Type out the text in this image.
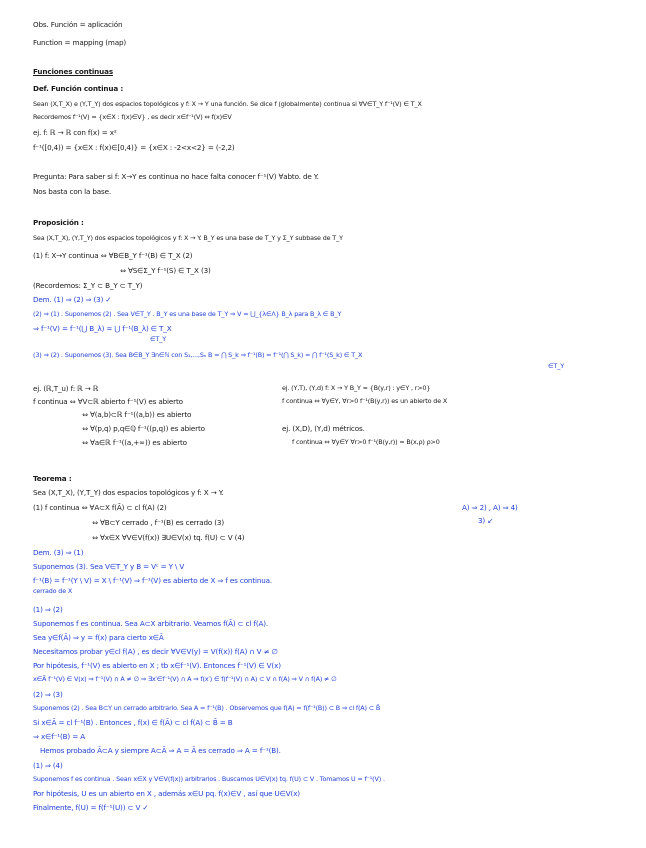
Obs. Función = aplicación
Function = mapping (map)
Funciones continuas
Def. Función continua :
Sean (X,T_X) e (Y,T_Y) dos espacios topológicos y f: X → Y una función. Se dice f (globalmente) continua si ∀V∈T_Y f⁻¹(V) ∈ T_X
Recordemos f⁻¹(V) = {x∈X : f(x)∈V} , es decir x∈f⁻¹(V) ⇔ f(x)∈V
ej. f: ℝ → ℝ con f(x) = x²
f⁻¹([0,4)) = {x∈X : f(x)∈[0,4)} = {x∈X : -2<x<2} = (-2,2)
Pregunta: Para saber si f: X→Y es continua no hace falta conocer f⁻¹(V) ∀abto. de Y.
Nos basta con la base.
Proposición :
Sea (X,T_X), (Y,T_Y) dos espacios topológicos y f: X → Y. B_Y es una base de T_Y y Σ_Y subbase de T_Y
(1) f: X→Y continua ⇔ ∀B∈B_Y f⁻¹(B) ∈ T_X (2)
⇔ ∀S∈Σ_Y f⁻¹(S) ∈ T_X (3)
(Recordemos: Σ_Y ⊂ B_Y ⊂ T_Y)
Dem. (1) ⇒ (2) ⇒ (3) ✓
(2) ⇒ (1) . Suponemos (2) . Sea V∈T_Y . B_Y es una base de T_Y ⇒ V = ⋃_{λ∈Λ} B_λ para B_λ ∈ B_Y
⇒ f⁻¹(V) = f⁻¹(⋃ B_λ) = ⋃ f⁻¹(B_λ) ∈ T_X
∈T_Y
(3) ⇒ (2) . Suponemos (3). Sea B∈B_Y ∃n∈ℕ con S₁,...,Sₙ B = ⋂ S_k ⇒ f⁻¹(B) = f⁻¹(⋂ S_k) = ⋂ f⁻¹(S_k) ∈ T_X
∈T_Y
ej. (ℝ,T_u) f: ℝ → ℝ
f continua ⇔ ∀V⊂ℝ abierto f⁻¹(V) es abierto
⇔ ∀(a,b)⊂ℝ f⁻¹((a,b)) es abierto
⇔ ∀(p,q) p,q∈ℚ f⁻¹((p,q)) es abierto
⇔ ∀a∈ℝ f⁻¹((a,+∞)) es abierto
ej. (Y,T), (Y,d) f: X → Y B_Y = {B(y,r) : y∈Y , r>0}
f continua ⇔ ∀y∈Y, ∀r>0 f⁻¹(B(y,r)) es un abierto de X
ej. (X,D), (Y,d) métricos.
f continua ⇔ ∀y∈Y ∀r>0 f⁻¹(B(y,r)) = B(x,ρ) ρ>0
Teorema :
Sea (X,T_X), (Y,T_Y) dos espacios topológicos y f: X → Y.
(1) f continua ⇔ ∀A⊂X f(Ā) ⊂ cl f(A) (2)
⇔ ∀B⊂Y cerrado , f⁻¹(B) es cerrado (3)
⇔ ∀x∈X ∀V∈V(f(x)) ∃U∈V(x) tq. f(U) ⊂ V (4)
A) ⇒ 2) , A) ⇒ 4)
3) ↙
Dem. (3) ⇒ (1)
Suponemos (3). Sea V∈T_Y y B = Vᶜ = Y \ V
f⁻¹(B) = f⁻¹(Y \ V) = X \ f⁻¹(V) ⇒ f⁻¹(V) es abierto de X ⇒ f es continua.
cerrado de X
(1) ⇒ (2)
Suponemos f es continua. Sea A⊂X arbitrario. Veamos f(Ā) ⊂ cl f(A).
Sea y∈f(Ā) ⇒ y = f(x) para cierto x∈Ā
Necesitamos probar y∈cl f(A) , es decir ∀V∈V(y) = V(f(x)) f(A) ∩ V ≠ ∅
Por hipótesis, f⁻¹(V) es abierto en X ; tb x∈f⁻¹(V). Entonces f⁻¹(V) ∈ V(x)
x∈Ā f⁻¹(V) ∈ V(x) ⇒ f⁻¹(V) ∩ A ≠ ∅ ⇒ ∃x′∈f⁻¹(V) ∩ A ⇒ f(x′) ∈ f(f⁻¹(V) ∩ A) ⊂ V ∩ f(A) ⇒ V ∩ f(A) ≠ ∅
(2) ⇒ (3)
Suponemos (2) . Sea B⊂Y un cerrado arbitrario. Sea A = f⁻¹(B) . Observemos que f(A) = f(f⁻¹(B)) ⊂ B ⇒ cl f(A) ⊂ B̄
Si x∈Ā = cl f⁻¹(B) . Entonces , f(x) ∈ f(Ā) ⊂ cl f(A) ⊂ B̄ = B
⇒ x∈f⁻¹(B) = A
Hemos probado Ā⊂A y siempre A⊂Ā ⇒ A = Ā es cerrado ⇒ A = f⁻¹(B).
(1) ⇒ (4)
Suponemos f es continua . Sean x∈X y V∈V(f(x)) arbitrarios . Buscamos U∈V(x) tq. f(U) ⊂ V . Tomamos U = f⁻¹(V) .
Por hipótesis, U es un abierto en X , además x∈U pq. f(x)∈V , así que U∈V(x)
Finalmente, f(U) = f(f⁻¹(U)) ⊂ V ✓
